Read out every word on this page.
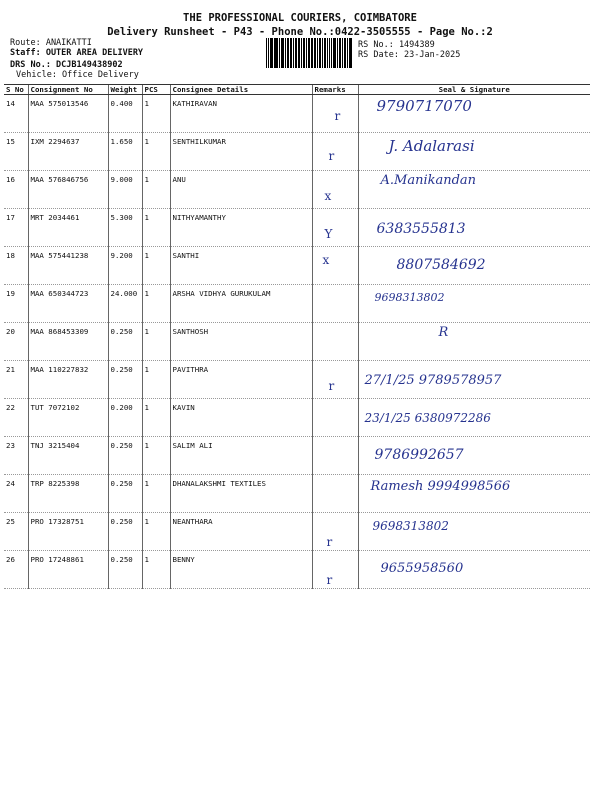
THE PROFESSIONAL COURIERS, COIMBATORE
Delivery Runsheet - P43 - Phone No.:0422-3505555 - Page No.:2
Route: ANAIKATTI
Staff: OUTER AREA DELIVERY
DRS No.: DCJB149438902
Vehicle: Office Delivery
RS No.: 1494389
RS Date: 23-Jan-2025
S No	Consignment No	Weight	PCS	Consignee Details	Remarks	Seal & Signature
14	MAA 575013546	0.400	1	KATHIRAVAN	r	9790717070

15	IXM 2294637	1.650	1	SENTHILKUMAR	r	J. Adalarasi

16	MAA 576846756	9.000	1	ANU	x	A.Manikandan

17	MRT 2034461	5.300	1	NITHYAMANTHY	Y	6383555813

18	MAA 575441238	9.200	1	SANTHI	x	8807584692

19	MAA 650344723	24.000	1	ARSHA VIDHYA GURUKULAM		9698313802

20	MAA 868453309	0.250	1	SANTHOSH		R

21	MAA 110227832	0.250	1	PAVITHRA	r	27/1/25 9789578957

22	TUT 7072102	0.200	1	KAVIN		23/1/25 6380972286

23	TNJ 3215404	0.250	1	SALIM ALI		9786992657

24	TRP 8225398	0.250	1	DHANALAKSHMI TEXTILES		Ramesh 9994998566

25	PRO 17328751	0.250	1	NEANTHARA	r	9698313802

26	PRO 17248861	0.250	1	BENNY	r	9655958560
